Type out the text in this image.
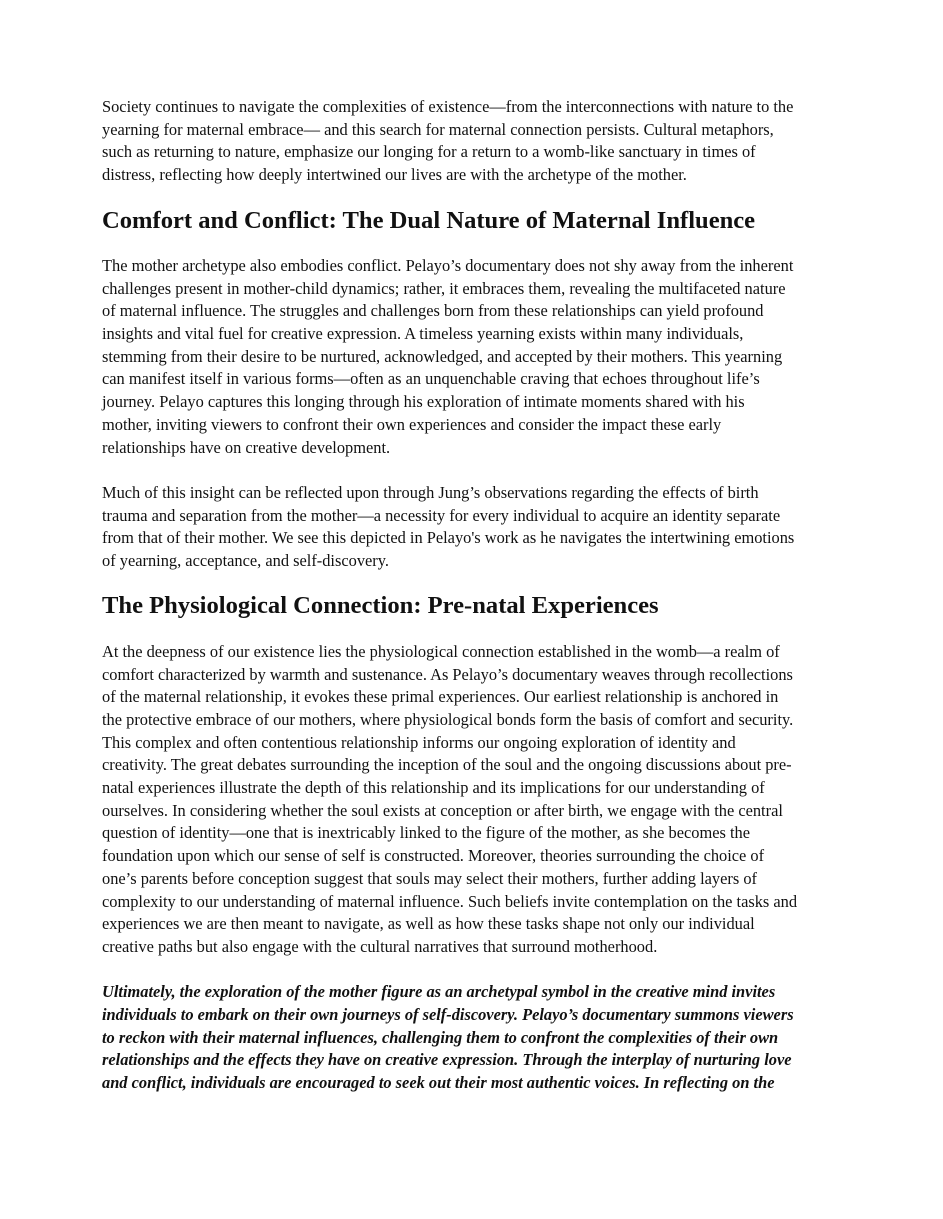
Society continues to navigate the complexities of existence—from the interconnections with nature to the
yearning for maternal embrace— and this search for maternal connection persists. Cultural metaphors,
such as returning to nature, emphasize our longing for a return to a womb-like sanctuary in times of
distress, reflecting how deeply intertwined our lives are with the archetype of the mother.

Comfort and Conflict: The Dual Nature of Maternal Influence

The mother archetype also embodies conflict. Pelayo’s documentary does not shy away from the inherent
challenges present in mother-child dynamics; rather, it embraces them, revealing the multifaceted nature
of maternal influence. The struggles and challenges born from these relationships can yield profound
insights and vital fuel for creative expression. A timeless yearning exists within many individuals,
stemming from their desire to be nurtured, acknowledged, and accepted by their mothers. This yearning
can manifest itself in various forms—often as an unquenchable craving that echoes throughout life’s
journey. Pelayo captures this longing through his exploration of intimate moments shared with his
mother, inviting viewers to confront their own experiences and consider the impact these early
relationships have on creative development.

Much of this insight can be reflected upon through Jung’s observations regarding the effects of birth
trauma and separation from the mother—a necessity for every individual to acquire an identity separate
from that of their mother. We see this depicted in Pelayo's work as he navigates the intertwining emotions
of yearning, acceptance, and self-discovery.

The Physiological Connection: Pre-natal Experiences

At the deepness of our existence lies the physiological connection established in the womb—a realm of
comfort characterized by warmth and sustenance. As Pelayo’s documentary weaves through recollections
of the maternal relationship, it evokes these primal experiences. Our earliest relationship is anchored in
the protective embrace of our mothers, where physiological bonds form the basis of comfort and security.
This complex and often contentious relationship informs our ongoing exploration of identity and
creativity. The great debates surrounding the inception of the soul and the ongoing discussions about pre-
natal experiences illustrate the depth of this relationship and its implications for our understanding of
ourselves. In considering whether the soul exists at conception or after birth, we engage with the central
question of identity—one that is inextricably linked to the figure of the mother, as she becomes the
foundation upon which our sense of self is constructed. Moreover, theories surrounding the choice of
one’s parents before conception suggest that souls may select their mothers, further adding layers of
complexity to our understanding of maternal influence. Such beliefs invite contemplation on the tasks and
experiences we are then meant to navigate, as well as how these tasks shape not only our individual
creative paths but also engage with the cultural narratives that surround motherhood.

Ultimately, the exploration of the mother figure as an archetypal symbol in the creative mind invites
individuals to embark on their own journeys of self-discovery. Pelayo’s documentary summons viewers
to reckon with their maternal influences, challenging them to confront the complexities of their own
relationships and the effects they have on creative expression. Through the interplay of nurturing love
and conflict, individuals are encouraged to seek out their most authentic voices. In reflecting on the
